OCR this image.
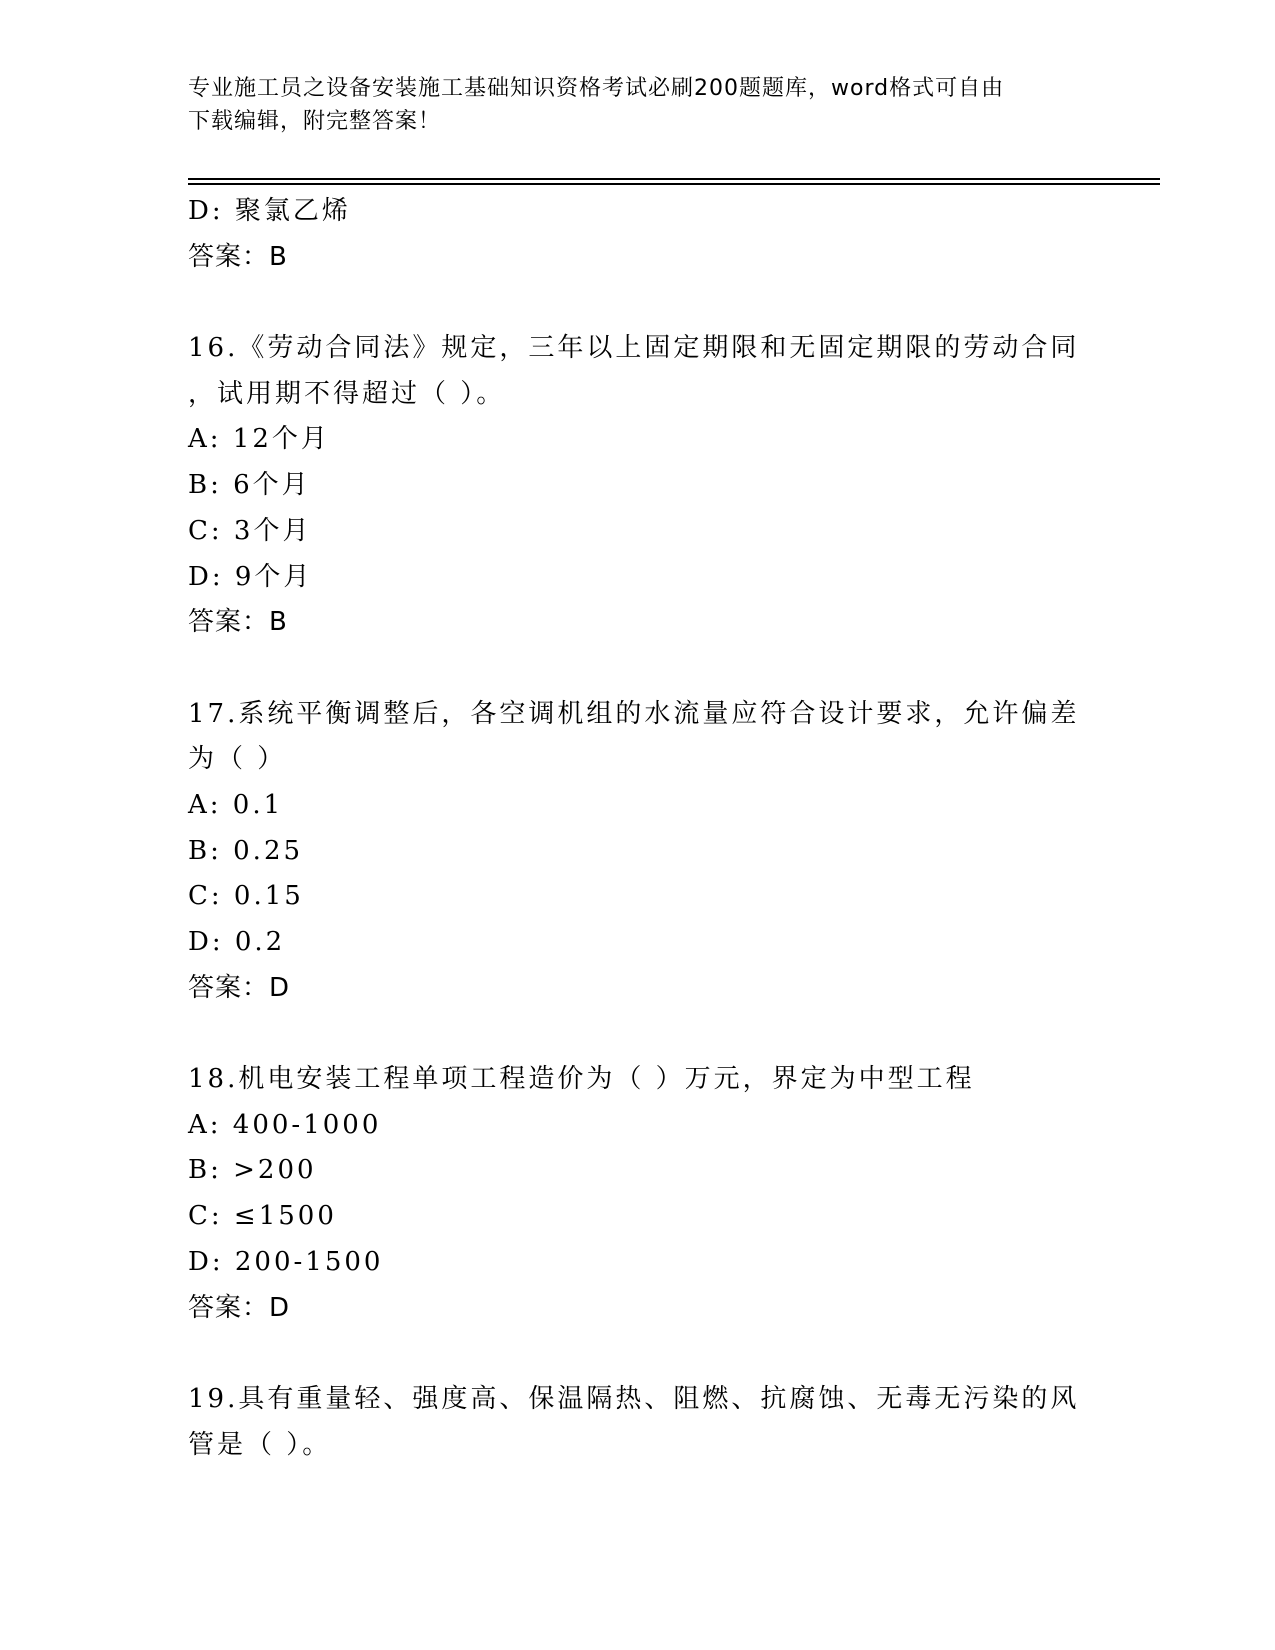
专业施工员之设备安装施工基础知识资格考试必刷200题题库，word格式可自由
下载编辑，附完整答案！
D: 聚氯乙烯
答案：B
16.《劳动合同法》规定，三年以上固定期限和无固定期限的劳动合同
，试用期不得超过（ ）。
A: 12个月
B: 6个月
C: 3个月
D: 9个月
答案：B
17.系统平衡调整后，各空调机组的水流量应符合设计要求，允许偏差
为（ ）
A: 0.1
B: 0.25
C: 0.15
D: 0.2
答案：D
18.机电安装工程单项工程造价为（ ）万元，界定为中型工程
A: 400-1000
B: >200
C: ≤1500
D: 200-1500
答案：D
19.具有重量轻、强度高、保温隔热、阻燃、抗腐蚀、无毒无污染的风
管是（ ）。
